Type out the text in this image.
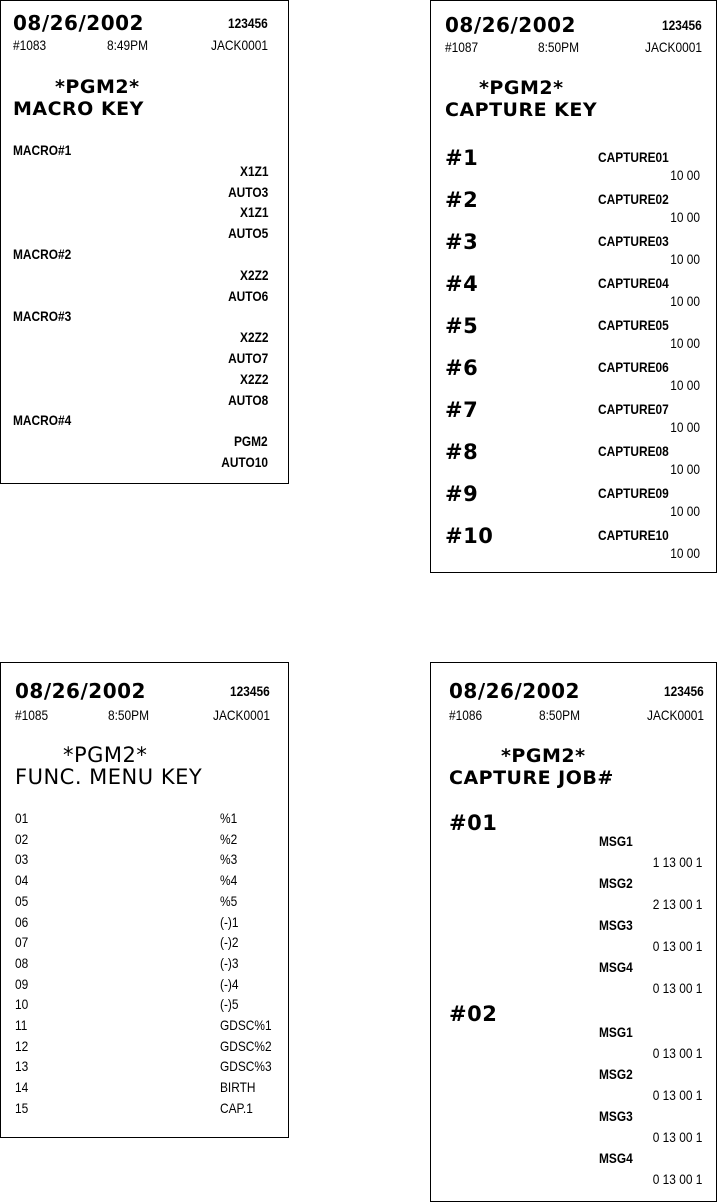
08/26/2002	123456
#1083	8:49PM	JACK0001
*PGM2*
MACRO KEY
MACRO#1
X1Z1
AUTO3
X1Z1
AUTO5
MACRO#2
X2Z2
AUTO6
MACRO#3
X2Z2
AUTO7
X2Z2
AUTO8
MACRO#4
PGM2
AUTO10
08/26/2002	123456
#1087	8:50PM	JACK0001
*PGM2*
CAPTURE KEY
#1	CAPTURE01
10 00
#2	CAPTURE02
10 00
#3	CAPTURE03
10 00
#4	CAPTURE04
10 00
#5	CAPTURE05
10 00
#6	CAPTURE06
10 00
#7	CAPTURE07
10 00
#8	CAPTURE08
10 00
#9	CAPTURE09
10 00
#10	CAPTURE10
10 00
08/26/2002	123456
#1085	8:50PM	JACK0001
*PGM2*
FUNC. MENU KEY
01	%1
02	%2
03	%3
04	%4
05	%5
06	(-)1
07	(-)2
08	(-)3
09	(-)4
10	(-)5
11	GDSC%1
12	GDSC%2
13	GDSC%3
14	BIRTH
15	CAP.1
08/26/2002	123456
#1086	8:50PM	JACK0001
*PGM2*
CAPTURE JOB#
#01
MSG1
1 13 00 1
MSG2
2 13 00 1
MSG3
0 13 00 1
MSG4
0 13 00 1
#02
MSG1
0 13 00 1
MSG2
0 13 00 1
MSG3
0 13 00 1
MSG4
0 13 00 1
